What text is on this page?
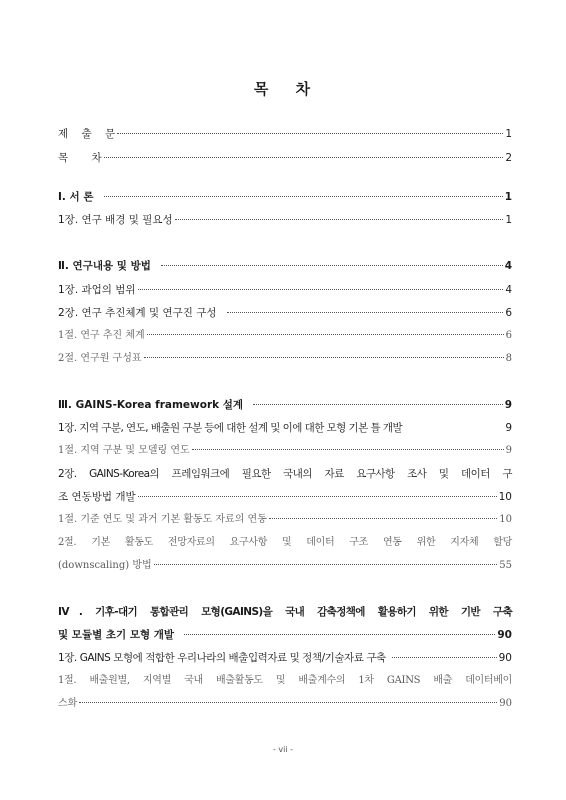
목 차
제    출    문	1
목       차	2
Ⅰ. 서 론	1
1장. 연구 배경 및 필요성	1
Ⅱ. 연구내용 및 방법	4
1장. 과업의 범위	4
2장. 연구 추진체계 및 연구진 구성	6
1절. 연구 추진 체계	6
2절. 연구원 구성표	8
Ⅲ. GAINS-Korea framework 설계	9
1장. 지역 구분, 연도, 배출원 구분 등에 대한 설계 및 이에 대한 모형 기본 틀 개발	9
1절. 지역 구분 및 모델링 연도	9
2장. GAINS-Korea의 프레임워크에 필요한 국내의 자료 요구사항 조사 및 데이터 구
조 연동방법 개발	10
1절. 기준 연도 및 과거 기본 활동도 자료의 연동	10
2절. 기본 활동도 전망자료의 요구사항 및 데이터 구조 연동 위한 지자체 할당
(downscaling) 방법	55
Ⅳ. 기후-대기 통합관리 모형(GAINS)을 국내 감축정책에 활용하기 위한 기반 구축
및 모듈별 초기 모형 개발	90
1장. GAINS 모형에 적합한 우리나라의 배출입력자료 및 정책/기술자료 구축	90
1절. 배출원별, 지역별 국내 배출활동도 및 배출계수의 1차 GAINS 배출 데이터베이
스화	90
- vii -
